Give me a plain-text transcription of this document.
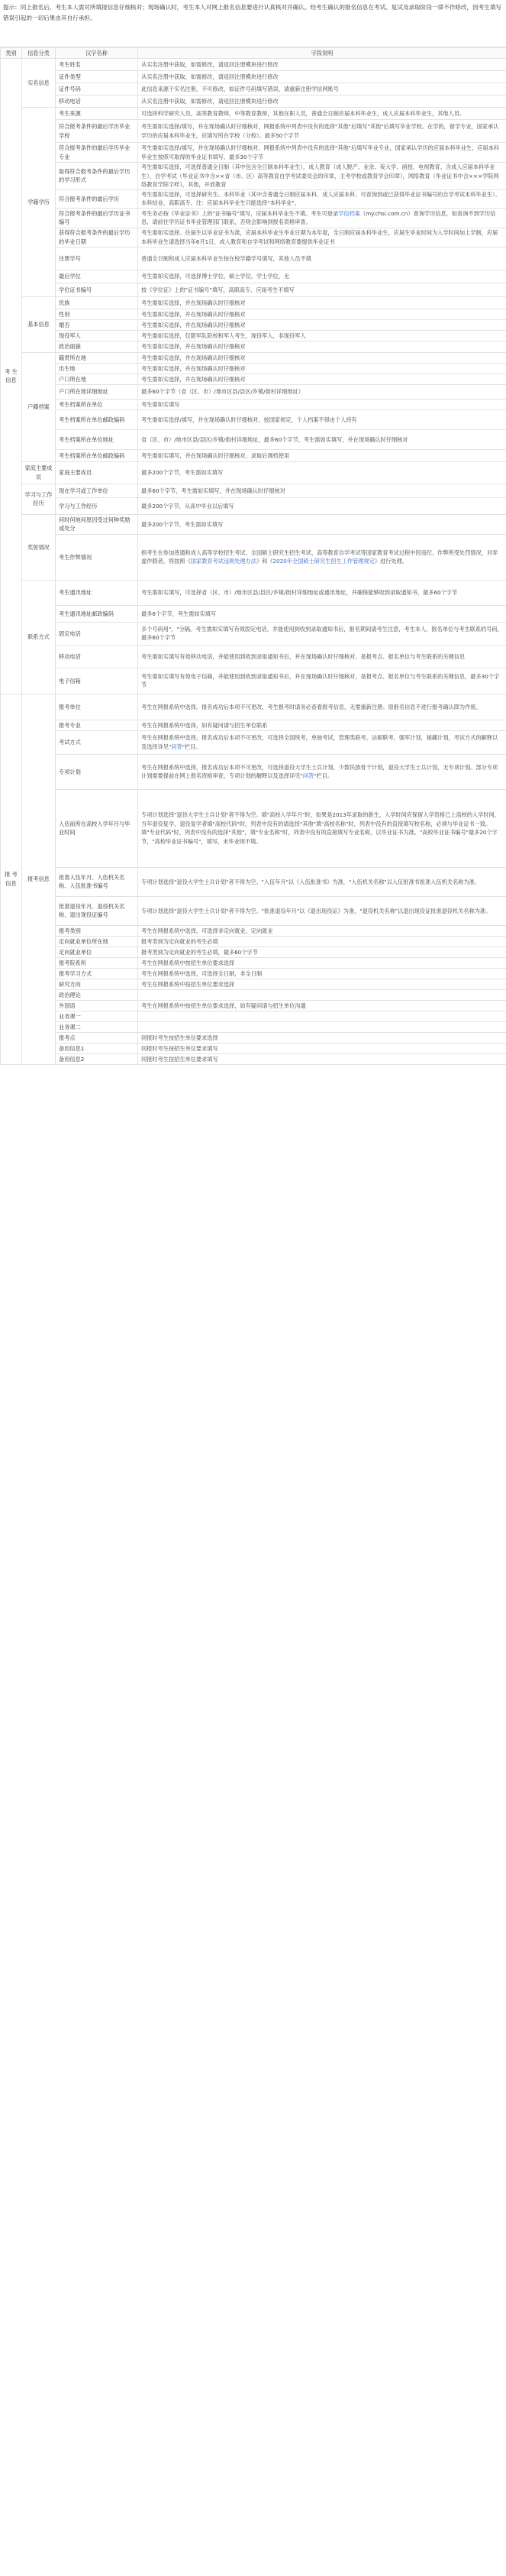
提示：同上报名后，考生本人需对所填报信息仔细核对；现场确认时，考生本人对网上报名信息要进行认真核对并确认。经考生确认的报名信息在考试、复试及录取阶段一律不作修改，因考生填写错误引起的一切后果由其自行承担。
类别	信息分类	汉字名称	字段说明
考 生 信息	实名信息	考生姓名	从实名注册中获取，如需修改，请返回注册模块进行修改
		证件类型	从实名注册中获取，如需修改，请返回注册模块进行修改
		证件号码	此信息来源于实名注册，不可修改，如证件号码填写错误，请重新注册学信网账号
		移动电话	从实名注册中获取，如需修改，请返回注册模块进行修改
	学籍学历	考生来源	可选择科学研究人员，高等教育教师，中等教育教师，其他在职人员，普通全日制应届本科毕业生，成人应届本科毕业生，其他人员。
		符合报考条件的最后学历毕业学校	考生需如实选择/填写，并在现场确认时仔细核对，网报系统中列表中没有的选择"其他"后填写"其他"后填写毕业学校。在学的，留学专业，国家承认学历的应届本科毕业生，应填写所在学校（分校）。最多50个字节
		符合报考条件的最后学历毕业专业	考生需如实选择/填写，并在现场确认时仔细核对，网报系统中列表中没有的选择"其他"后填写毕业专业，国家承认学历的应届本科毕业生，应届本科毕业生按照可取得的毕业证书填写，最多30个字节
		取得符合报考条件的最后学历的学习形式	考生需如实选择，可选择普通全日制（其中包含全日制本科毕业生），成人教育（成人脱产、业余、夜大学、函授、电视教育、含成人应届本科毕业生），自学考试（毕业证书中含××省（市、区）高等教育自学考试委员会的印章，主考学校或教育学会印章），网络教育（毕业证书中含×××学院网络教育学院字样），其他，开放教育
		符合报考条件的最后学历	考生需如实选择，可选择研究生、本科毕业（其中含普通全日制应届本科、成人应届本科、可查询到或已获得毕业证书编号的自学考试本科毕业生）、本科结业、高职高专。注：应届本科毕业生只能选择"本科毕业"。
		符合报考条件的最后学历证书编号	考生务必按《毕业证书》上的"证书编号"填写，应届本科毕业生不填。考生可登录学信档案（my.chsi.com.cn）查询学历信息，如查询不到学历信息，请前往学历证书毕业管理部门联系，否则会影响到报名资格审查。
		获得符合报考条件的最后学历的毕业日期	考生需如实选择。往届生以毕业证书为准，应届本科毕业生毕业日期为本年度，全日制应届本科毕业生，应届生毕业时间为入学时间加上学制，应届本科毕业生请选择当年6月1日，成人教育和自学考试和网络教育要提供毕业证书
		注册学号	普通全日制和成人应届本科毕业生按在校学籍学号填写，其他人员不填
		最后学位	考生需如实选择，可选择博士学位，硕士学位，学士学位，无
		学位证书编号	按《学位证》上的"证书编号"填写，高职高专、应届考生不填写
	基本信息	民族	考生需如实选择，并在现场确认时仔细核对
		性别	考生需如实选择，并在现场确认时仔细核对
		婚否	考生需如实选择，并在现场确认时仔细核对
		现役军人	考生需如实选择，仅限军队院校和军人考生，现役军人，非现役军人
		政治面貌	考生需如实选择，并在现场确认时仔细核对
	户籍档案	籍贯所在地	考生需如实选择，并在现场确认时仔细核对
		出生地	考生需如实选择，并在现场确认时仔细核对
		户口所在地	考生需如实选择，并在现场确认时仔细核对
		户口所在地详细地址	最多60个字节（省（区、市）/地市区县/县区/乡镇/街村详细地址）
		考生档案所在单位	考生需如实填写
		考生档案所在单位邮政编码	考生需如实选择/填写，并在现场确认时仔细核对，按国家规定，个人档案不得由个人持有
		考生档案所在单位地址	省（区、市）/地市区县/县区/乡镇/街村详细地址，最多60个字节，考生需如实填写，并在现场确认时仔细核对
		考生档案所在单位邮政编码	考生需如实填写，并在现场确认时仔细核对，录取后调档使用
	家庭主要成员	家庭主要成员	最多200个字节，考生需如实填写
	学习与工作经历	现在学习或工作单位	最多60个字节，考生需如实填写，并在现场确认时仔细核对
		学习与工作经历	最多200个字节，从高中毕业以后填写
	奖惩情况	何时何地何原因受过何种奖励或处分	最多200个字节，考生需如实填写
		考生作弊情况	指考生在参加普通和成人高等学校招生考试、全国硕士研究生招生考试、高等教育自学考试等国家教育考试过程中因违纪、作弊所受处罚情况，对弄虚作假者，将按照《国家教育考试违规处理办法》和《2020年全国硕士研究生招生工作管理规定》进行处理。
	联系方式	考生通讯地址	考生需如实填写，可选择省（区、市）/地市区县/县区/乡镇/街村详细地址或通讯地址，并确保能够收到录取通知书，最多60个字节
		考生通讯地址邮政编码	最多6个字节，考生需如实填写
		固定电话	多个号码用"，"分隔。考生需如实填写有效固定电话，并能使用到收到录取通知书后，报名期间请考生注意，考生本人、报名单位与考生联系的号码，最多60个字节
		移动电话	考生需如实填写有效移动电话，并能使用到收到录取通知书后，并在现场确认时仔细核对，是报考点、报名单位与考生联系的关键信息
		电子信箱	考生需如实填写有效电子信箱，并能使用到收到录取通知书后，并在现场确认时仔细核对，是报考点、报名单位与考生联系的关键信息，最多30个字节
报 考 信息	报考信息	报考单位	考生在网报系统中选择，报名成功后本项不可更改，考生报考时请务必查看报考信息，无需重新注册。原报名信息不进行报考确认即为作废。
		报考专业	考生在网报系统中选择，如有疑问请与招生单位联系
		考试方式	考生在网报系统中选择，报名成功后本项不可更改，可选择全国统考，单独考试，管理类联考，法硕联考，强军计划，援藏计划，考试方式的解释以及选择详见"问答"栏目。
		专项计划	考生在网报系统中选择，报名成功后本项不可更改，可选择退役大学生士兵计划，少数民族骨干计划，退役大学生士兵计划，无专项计划。部分专项计划需要提前在网上报名资格审查，专项计划的解释以及选择详见"问答"栏目。
		入伍前所在高校入学年月与毕业时间	专项计划选择"退役大学生士兵计划"者不得为空。填"高校入学年月"时，如果是2013年录取的新生，入学时间应保留入学资格已上高校的入学时间，当年退役复学，退役复学者填"高校代码"时，列表中没有的请选择"其他"填"高校名称"时，列表中没有的直接填写校名称，必须与毕业证书一致。填"专业代码"时，列表中没有的选择"其他"，填"专业名称"时，列表中没有的直接填写专业名称，以毕业证书为准。"高校毕业证书编号"最多20个字节，"高校毕业证书编号"，填写，未毕业则不填。
		批准入伍年月、入伍机关名称、入伍批准书编号	专项计划选择"退役大学生士兵计划"者不得为空。"入伍年月"以《入伍批准书》为准，"入伍机关名称"以入伍批准书批准入伍机关名称为准。
		批准退役年月、退役机关名称、退出现役证编号	专项计划选择"退役大学生士兵计划"者不得为空。"批准退役年月"以《退出现役证》为准，"退役机关名称"以退出现役证批准退役机关名称为准。
		报考类别	考生在网报系统中选择，可选择非定向就业，定向就业
		定向就业单位所在地	报考类别为定向就业的考生必填
		定向就业单位	报考类别为定向就业的考生必填，最多60个字节
		报考院系所	考生在网报系统中按招生单位要求选择
		报考学习方式	考生在网报系统中选择，可选择全日制，非全日制
		研究方向	考生在网报系统中按招生单位要求选择
		政治理论	
		外国语	考生在网报系统中按招生单位要求选择，如有疑问请与招生单位沟通
		业务课一	
		业务课二	
		报考点	同报时考生按招生单位要求选择
		备用信息1	同报时考生按招生单位要求填写
		备用信息2	同报时考生按招生单位要求填写
